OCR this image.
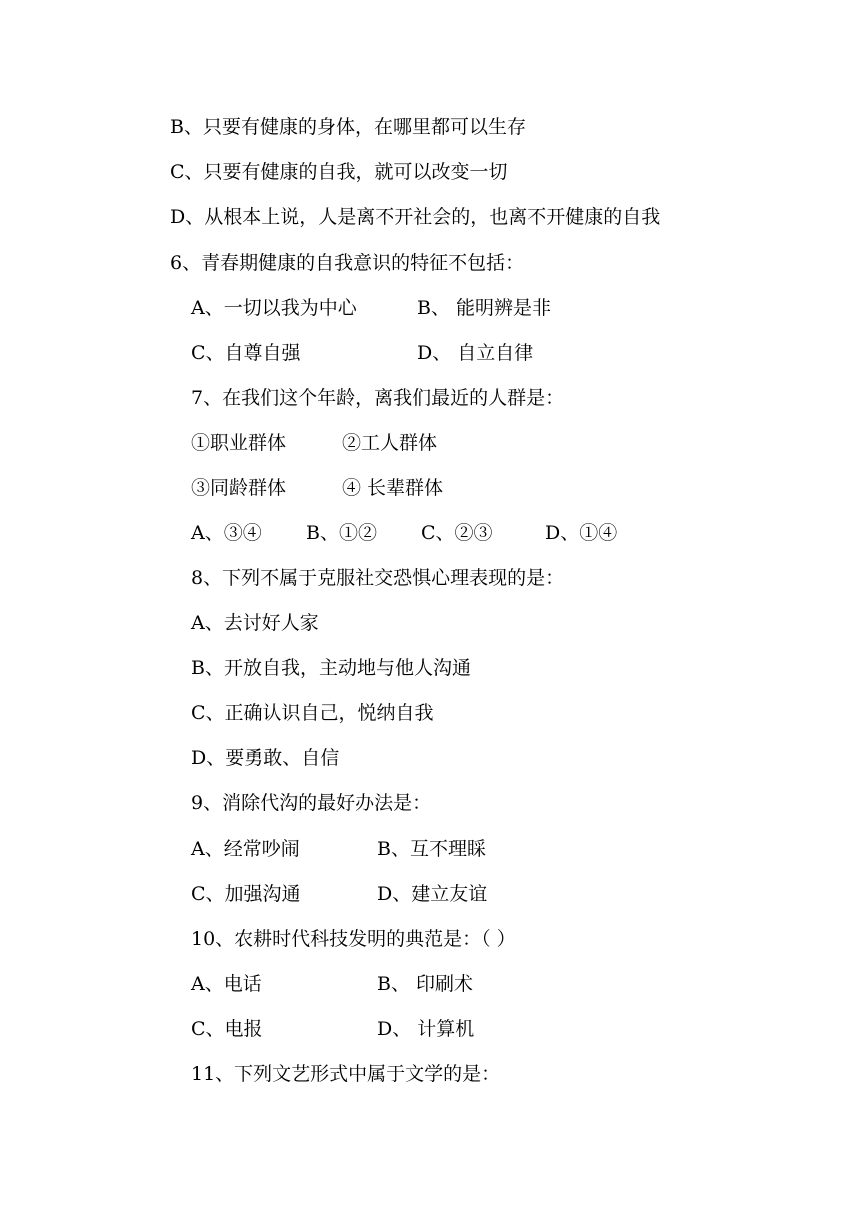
B、只要有健康的身体，在哪里都可以生存
C、只要有健康的自我，就可以改变一切
D、从根本上说，人是离不开社会的，也离不开健康的自我
6、青春期健康的自我意识的特征不包括：
A、一切以我为中心	B、 能明辨是非
C、自尊自强	D、 自立自律
7、在我们这个年龄，离我们最近的人群是：
①职业群体	②工人群体
③同龄群体	④ 长辈群体
A、③④ B、①② C、②③	D、①④
8、下列不属于克服社交恐惧心理表现的是：
A、去讨好人家
B、开放自我，主动地与他人沟通
C、正确认识自己，悦纳自我
D、要勇敢、自信
9、消除代沟的最好办法是：
A、经常吵闹	B、互不理睬
C、加强沟通	D、建立友谊
10、农耕时代科技发明的典范是：（ ）
A、电话	B、 印刷术
C、电报	D、 计算机
11、下列文艺形式中属于文学的是：
